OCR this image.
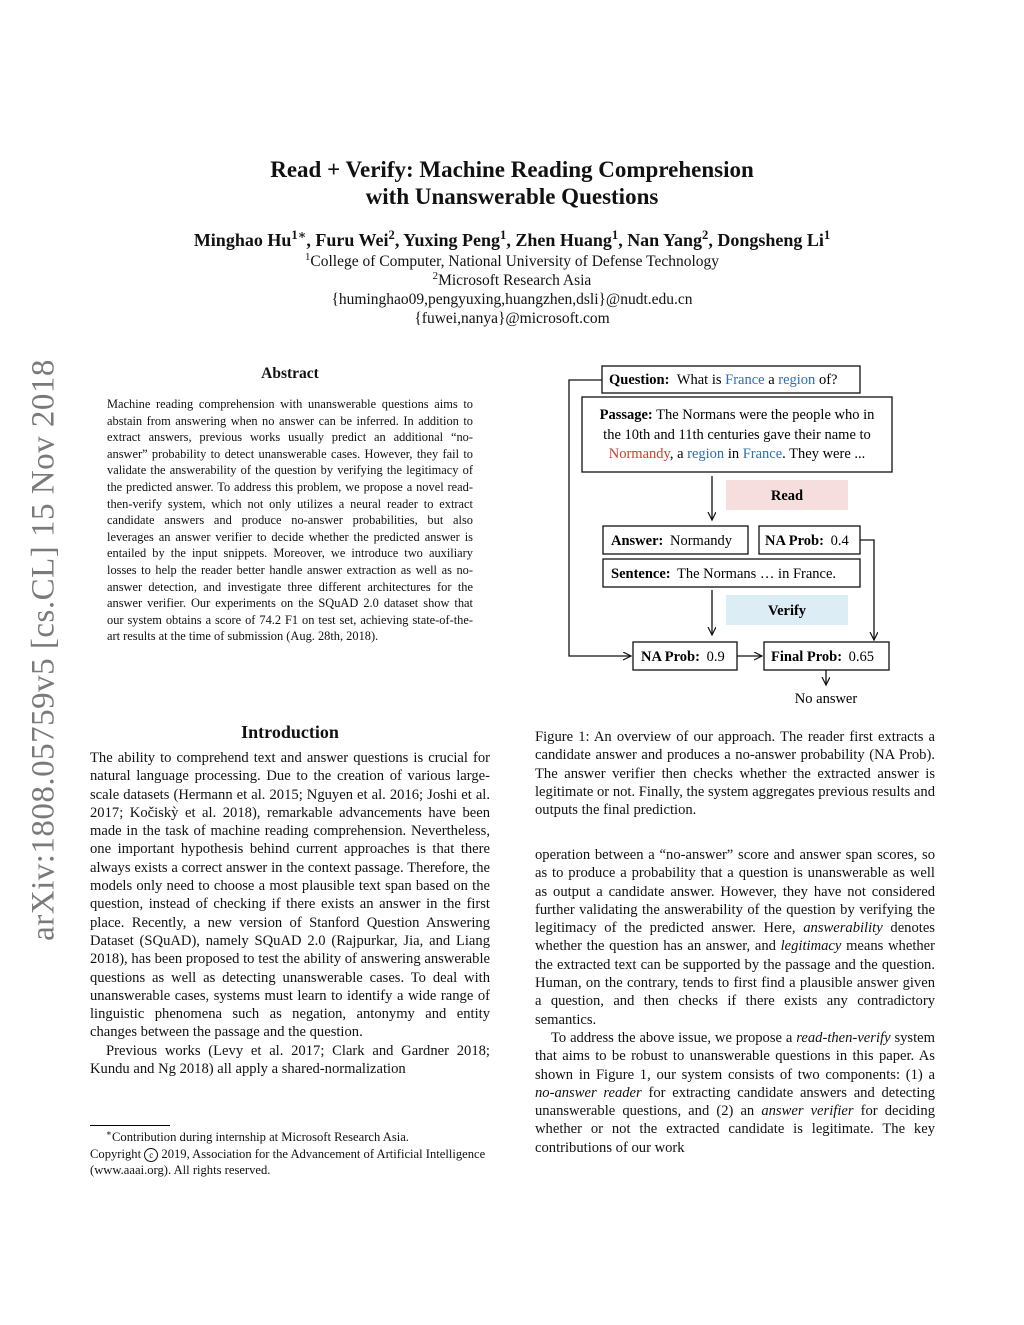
arXiv:1808.05759v5 [cs.CL] 15 Nov 2018
Read + Verify: Machine Reading Comprehension
with Unanswerable Questions
Minghao $Hu^{1∗}$, Furu Wei$^2$, Yuxing Peng$^1$, Zhen Huang$^1$, Nan Yang$^2$, Dongsheng Li$^1$
$^1$College of Computer, National University of Defense Technology
$^2$Microsoft Research Asia
{huminghao09,pengyuxing,huangzhen,dsli}@nudt.edu.cn
{fuwei,nanya}@microsoft.com
Abstract
Machine reading comprehension with unanswerable questions aims to abstain from answering when no answer can be inferred. In addition to extract answers, previous works usually predict an additional “no-answer” probability to detect unanswerable cases. However, they fail to validate the answerability of the question by verifying the legitimacy of the predicted answer. To address this problem, we propose a novel read-then-verify system, which not only utilizes a neural reader to extract candidate answers and produce no-answer probabilities, but also leverages an answer verifier to decide whether the predicted answer is entailed by the input snippets. Moreover, we introduce two auxiliary losses to help the reader better handle answer extraction as well as no-answer detection, and investigate three different architectures for the answer verifier. Our experiments on the SQuAD 2.0 dataset show that our system obtains a score of 74.2 F1 on test set, achieving state-of-the-art results at the time of submission (Aug. 28th, 2018).
Introduction

The ability to comprehend text and answer questions is crucial for natural language processing. Due to the creation of various large-scale datasets (Hermann et al. 2015; Nguyen et al. 2016; Joshi et al. 2017; Kočiskỳ et al. 2018), remarkable advancements have been made in the task of machine reading comprehension. Nevertheless, one important hypothesis behind current approaches is that there always exists a correct answer in the context passage. Therefore, the models only need to choose a most plausible text span based on the question, instead of checking if there exists an answer in the first place. Recently, a new version of Stanford Question Answering Dataset (SQuAD), namely SQuAD 2.0 (Rajpurkar, Jia, and Liang 2018), has been proposed to test the ability of answering answerable questions as well as detecting unanswerable cases. To deal with unanswerable cases, systems must learn to identify a wide range of linguistic phenomena such as negation, antonymy and entity changes between the passage and the question.

Previous works (Levy et al. 2017; Clark and Gardner 2018; Kundu and Ng 2018) all apply a shared-normalization

∗Contribution during internship at Microsoft Research Asia.
Copyright c 2019, Association for the Advancement of Artificial Intelligence (www.aaai.org). All rights reserved.
Question: What is France a region of?
Passage: The Normans were the people who in
the 10th and 11th centuries gave their name to
Normandy, a region in France. They were ...
Read
Answer: Normandy NA Prob: 0.4
Sentence: The Normans … in France.
Verify
NA Prob: 0.9	Final Prob: 0.65
No answer
Figure 1: An overview of our approach. The reader first extracts a candidate answer and produces a no-answer probability (NA Prob). The answer verifier then checks whether the extracted answer is legitimate or not. Finally, the system aggregates previous results and outputs the final prediction.

operation between a “no-answer” score and answer span scores, so as to produce a probability that a question is unanswerable as well as output a candidate answer. However, they have not considered further validating the answerability of the question by verifying the legitimacy of the predicted answer. Here, answerability denotes whether the question has an answer, and legitimacy means whether the extracted text can be supported by the passage and the question. Human, on the contrary, tends to first find a plausible answer given a question, and then checks if there exists any contradictory semantics.

To address the above issue, we propose a read-then-verify system that aims to be robust to unanswerable questions in this paper. As shown in Figure 1, our system consists of two components: (1) a no-answer reader for extracting candidate answers and detecting unanswerable questions, and (2) an answer verifier for deciding whether or not the extracted candidate is legitimate. The key contributions of our work
